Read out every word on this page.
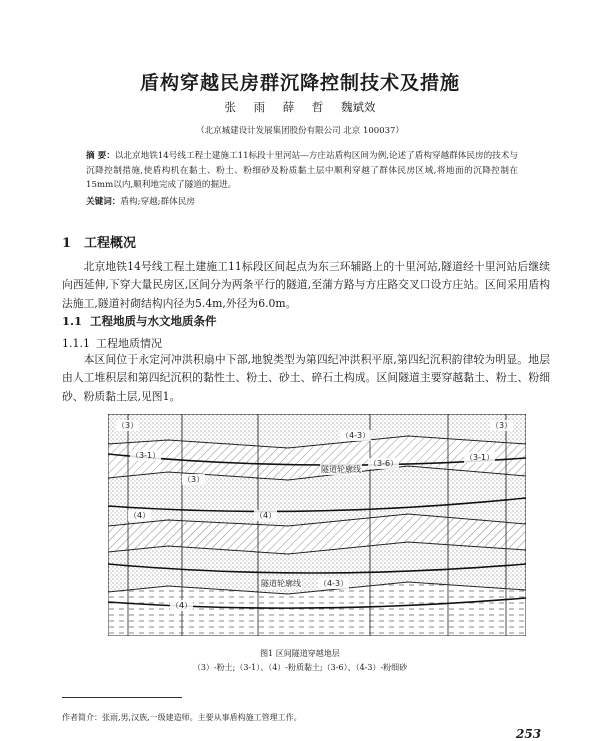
盾构穿越民房群沉降控制技术及措施
张 雨 薛 哲 魏斌效
（北京城建设计发展集团股份有限公司 北京 100037）
摘 要：以北京地铁14号线工程土建施工11标段十里河站—方庄站盾构区间为例,论述了盾构穿越群体民房的技术与沉降控制措施,使盾构机在黏土、粉土、粉细砂及粉质黏土层中顺利穿越了群体民房区域,将地面的沉降控制在15mm以内,顺利地完成了隧道的掘进。
关键词：盾构;穿越;群体民房
1 工程概况
北京地铁14号线工程土建施工11标段区间起点为东三环辅路上的十里河站,隧道经十里河站后继续向西延伸,下穿大量民房区,区间分为两条平行的隧道,至蒲方路与方庄路交叉口设方庄站。区间采用盾构法施工,隧道衬砌结构内径为5.4m,外径为6.0m。
1.1 工程地质与水文地质条件
1.1.1 工程地质情况
本区间位于永定河冲洪积扇中下部,地貌类型为第四纪冲洪积平原,第四纪沉积韵律较为明显。地层由人工堆积层和第四纪沉积的黏性土、粉土、砂土、碎石土构成。区间隧道主要穿越黏土、粉土、粉细砂、粉质黏土层,见图1。
（3）
（3-1）
（3）
（4-3）
（4）	（4）
（3-6）
（3）
（3-1）
隧道轮廓线
隧道轮廓线 （4-3）
（4）
图1 区间隧道穿越地层
（3）-粉土;（3-1）、（4）-粉质黏土;（3-6）、（4-3）-粉细砂
作者简介：张雨,男,汉族,一级建造师。主要从事盾构施工管理工作。
253
